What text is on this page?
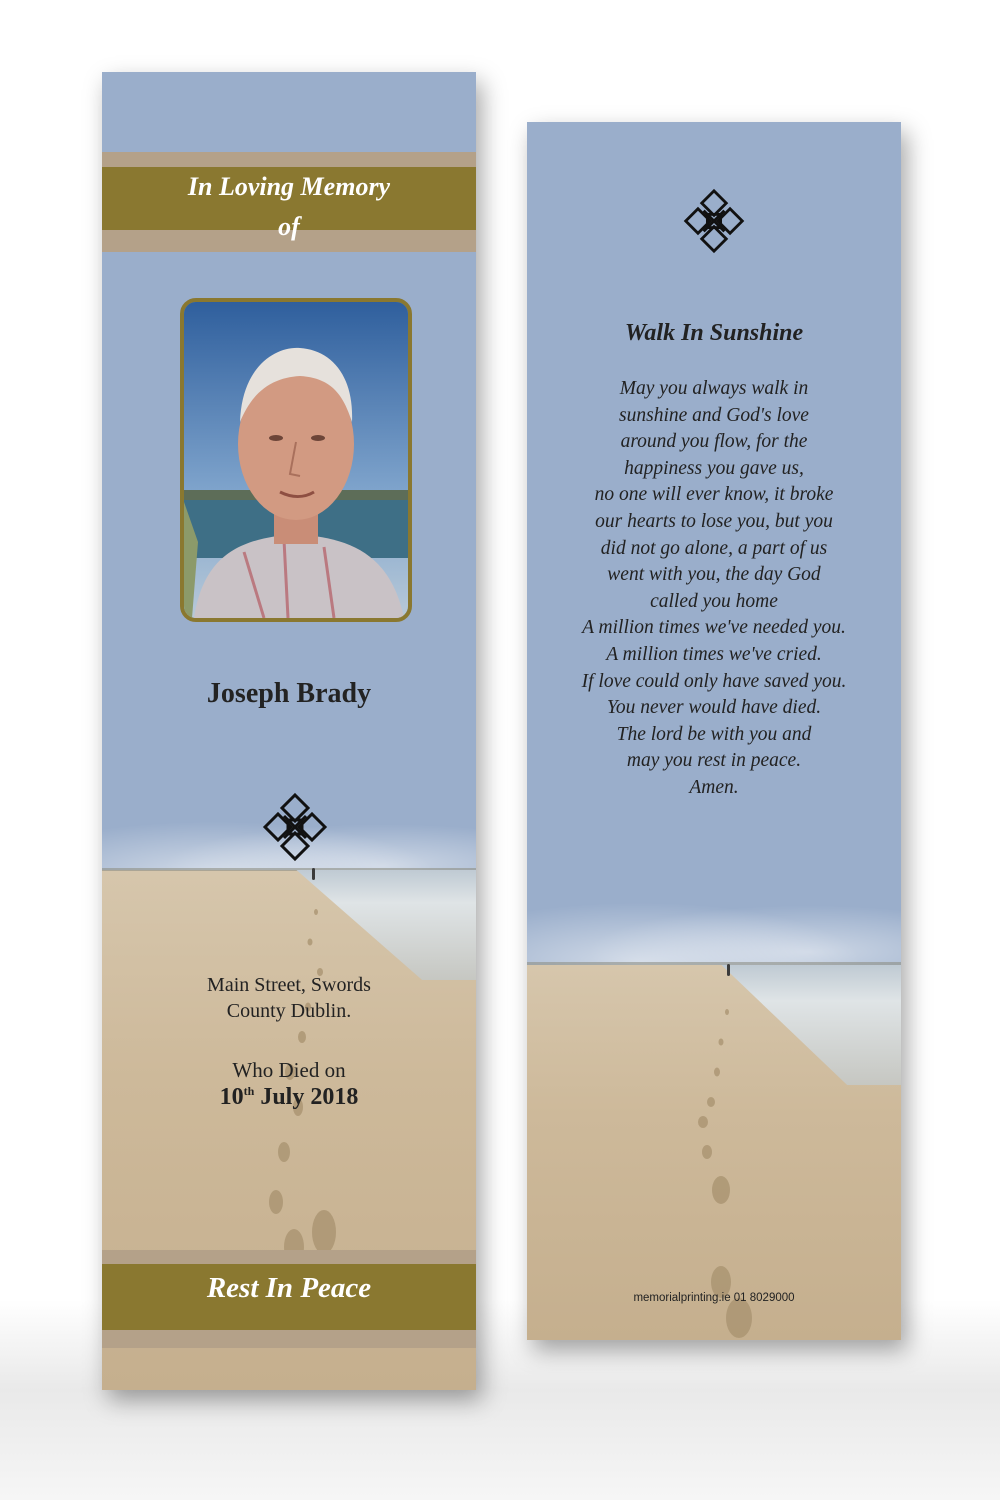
In Loving Memory
of
Joseph Brady
Main Street, Swords
County Dublin.
Who Died on
10th July 2018
Rest In Peace
Walk In Sunshine
May you always walk in
sunshine and God's love
around you flow, for the
happiness you gave us,
no one will ever know, it broke
our hearts to lose you, but you
did not go alone, a part of us
went with you, the day God
called you home
A million times we've needed you.
A million times we've cried.
If love could only have saved you.
You never would have died.
The lord be with you and
may you rest in peace.
Amen.
memorialprinting.ie 01 8029000
